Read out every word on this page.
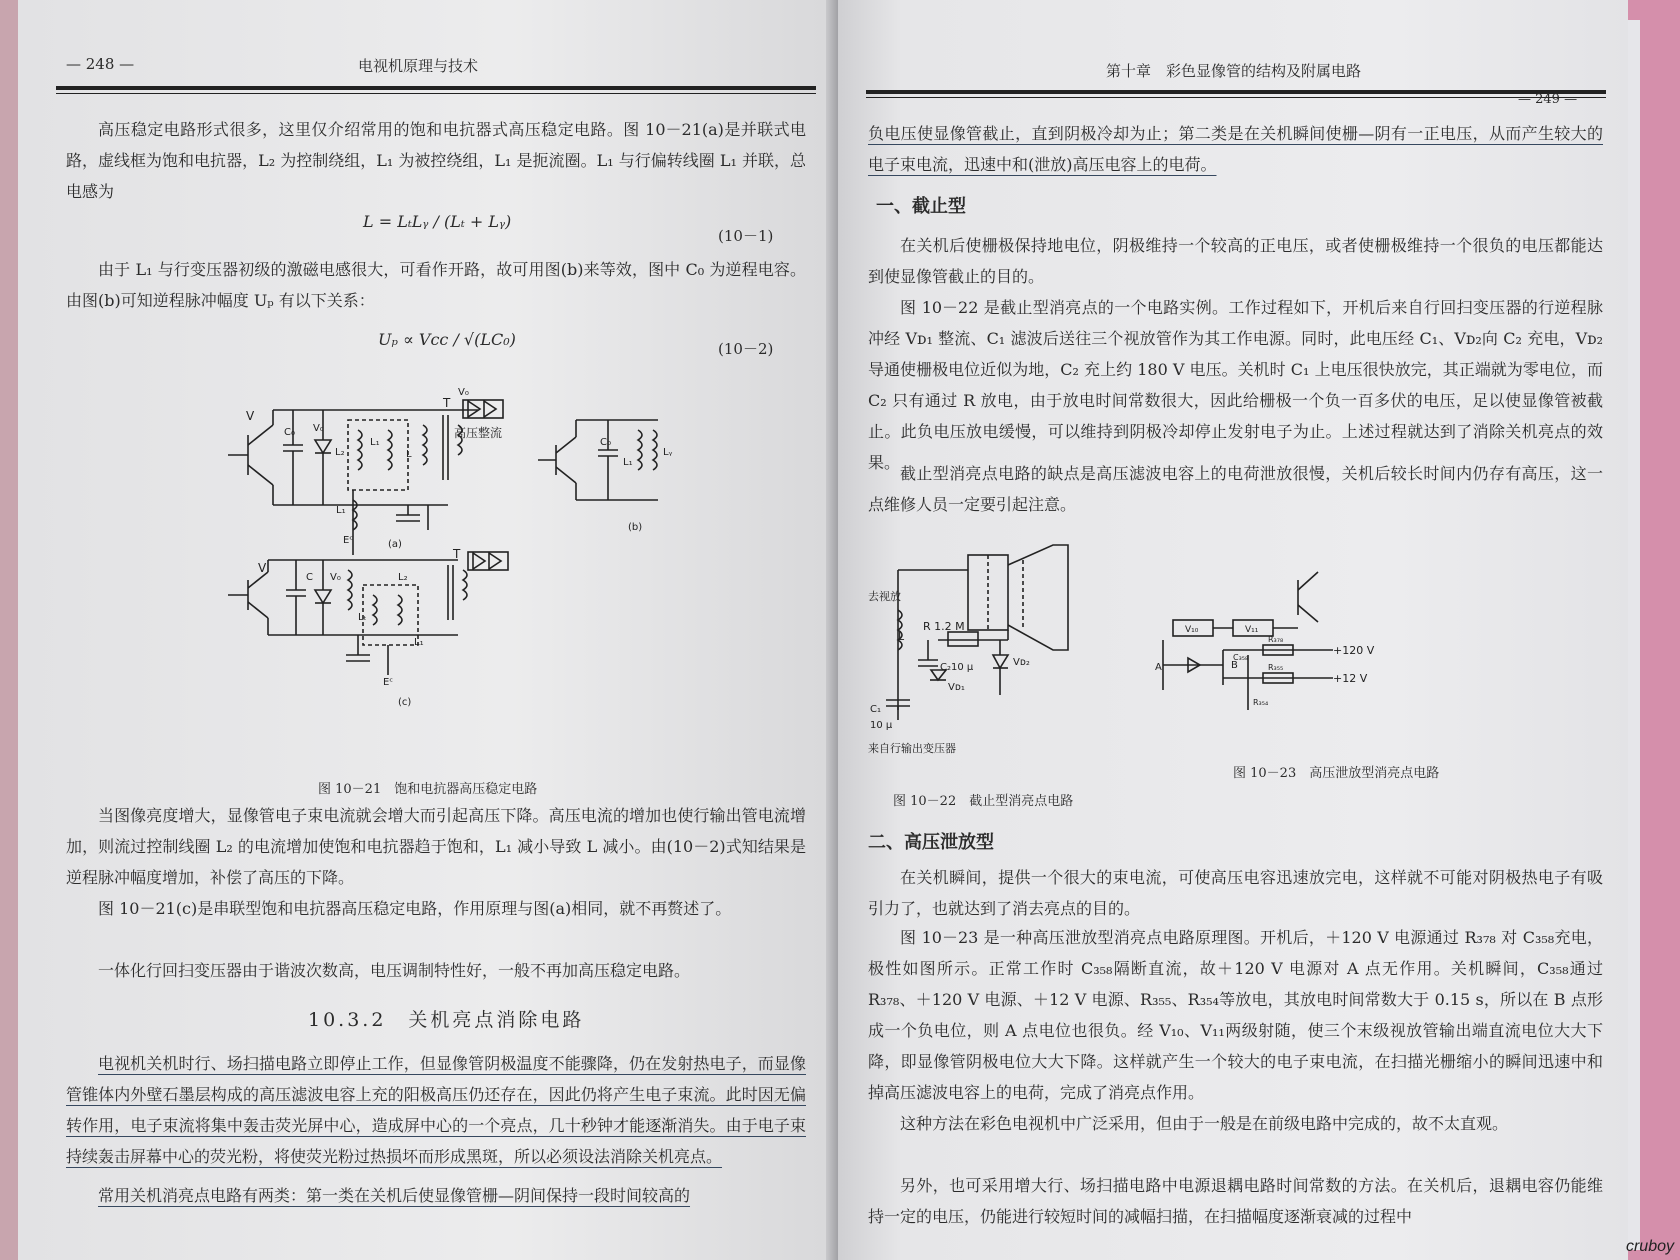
— 248 —	电视机原理与技术
高压稳定电路形式很多，这里仅介绍常用的饱和电抗器式高压稳定电路。图 10－21(a)是并联式电路，虚线框为饱和电抗器，L₂ 为控制绕组，L₁ 为被控绕组，L₁ 是扼流圈。L₁ 与行偏转线圈 L₁ 并联，总电感为
L = LₜLᵧ / (Lₜ + Lᵧ)
(10－1)
由于 L₁ 与行变压器初级的激磁电感很大，可看作开路，故可用图(b)来等效，图中 C₀ 为逆程电容。由图(b)可知逆程脉冲幅度 Uₚ 有以下关系：
Uₚ ∝ Vcc / √(LC₀)	(10－2)
V
C₀ V₀
L₂
L₁
L
T
V₀
高压整流
L₁
Eᶜ	(a)
C₀
L₁
Lᵧ
(b)
V
C V₀
Lₜ
L₂
L₁
T
Eᶜ
(c)
图 10－21　饱和电抗器高压稳定电路
当图像亮度增大，显像管电子束电流就会增大而引起高压下降。高压电流的增加也使行输出管电流增加，则流过控制线圈 L₂ 的电流增加使饱和电抗器趋于饱和，L₁ 减小导致 L 减小。由(10－2)式知结果是逆程脉冲幅度增加，补偿了高压的下降。
图 10－21(c)是串联型饱和电抗器高压稳定电路，作用原理与图(a)相同，就不再赘述了。
一体化行回扫变压器由于谐波次数高，电压调制特性好，一般不再加高压稳定电路。
10.3.2　关机亮点消除电路
电视机关机时行、场扫描电路立即停止工作，但显像管阴极温度不能骤降，仍在发射热电子，而显像管锥体内外壁石墨层构成的高压滤波电容上充的阳极高压仍还存在，因此仍将产生电子束流。此时因无偏转作用，电子束流将集中轰击荧光屏中心，造成屏中心的一个亮点，几十秒钟才能逐渐消失。由于电子束持续轰击屏幕中心的荧光粉，将使荧光粉过热损坏而形成黑斑，所以必须设法消除关机亮点。
常用关机消亮点电路有两类：第一类在关机后使显像管栅—阴间保持一段时间较高的
第十章　彩色显像管的结构及附属电路
— 249 —
负电压使显像管截止，直到阴极冷却为止；第二类是在关机瞬间使栅—阴有一正电压，从而产生较大的电子束电流，迅速中和(泄放)高压电容上的电荷。
一、截止型
在关机后使栅极保持地电位，阴极维持一个较高的正电压，或者使栅极维持一个很负的电压都能达到使显像管截止的目的。
图 10－22 是截止型消亮点的一个电路实例。工作过程如下，开机后来自行回扫变压器的行逆程脉冲经 Vᴅ₁ 整流、C₁ 滤波后送往三个视放管作为其工作电源。同时，此电压经 C₁、Vᴅ₂向 C₂ 充电，Vᴅ₂导通使栅极电位近似为地，C₂ 充上约 180 V 电压。关机时 C₁ 上电压很快放完，其正端就为零电位，而 C₂ 只有通过 R 放电，由于放电时间常数很大，因此给栅极一个负一百多伏的电压，足以使显像管被截止。此负电压放电缓慢，可以维持到阴极冷却停止发射电子为止。上述过程就达到了消除关机亮点的效果。
截止型消亮点电路的缺点是高压滤波电容上的电荷泄放很慢，关机后较长时间内仍存有高压，这一点维修人员一定要引起注意。
去视放
R 1.2 M
L
C₂10 μ	Vᴅ₂
Vᴅ₁
C₁
10 μ
来自行输出变压器
图 10－22　截止型消亮点电路
V₁₀	V₁₁
+120 V
+12 V
A	B
R₃₇₈
C₃₅₈
R₃₅₅
R₃₅₄
图 10－23　高压泄放型消亮点电路
二、高压泄放型
在关机瞬间，提供一个很大的束电流，可使高压电容迅速放完电，这样就不可能对阴极热电子有吸引力了，也就达到了消去亮点的目的。
图 10－23 是一种高压泄放型消亮点电路原理图。开机后，＋120 V 电源通过 R₃₇₈ 对 C₃₅₈充电，极性如图所示。正常工作时 C₃₅₈隔断直流，故＋120 V 电源对 A 点无作用。关机瞬间，C₃₅₈通过 R₃₇₈、＋120 V 电源、＋12 V 电源、R₃₅₅、R₃₅₄等放电，其放电时间常数大于 0.15 s，所以在 B 点形成一个负电位，则 A 点电位也很负。经 V₁₀、V₁₁两级射随，使三个末级视放管输出端直流电位大大下降，即显像管阴极电位大大下降。这样就产生一个较大的电子束电流，在扫描光栅缩小的瞬间迅速中和掉高压滤波电容上的电荷，完成了消亮点作用。
这种方法在彩色电视机中广泛采用，但由于一般是在前级电路中完成的，故不太直观。
另外，也可采用增大行、场扫描电路中电源退耦电路时间常数的方法。在关机后，退耦电容仍能维持一定的电压，仍能进行较短时间的减幅扫描，在扫描幅度逐渐衰减的过程中
cruboy
